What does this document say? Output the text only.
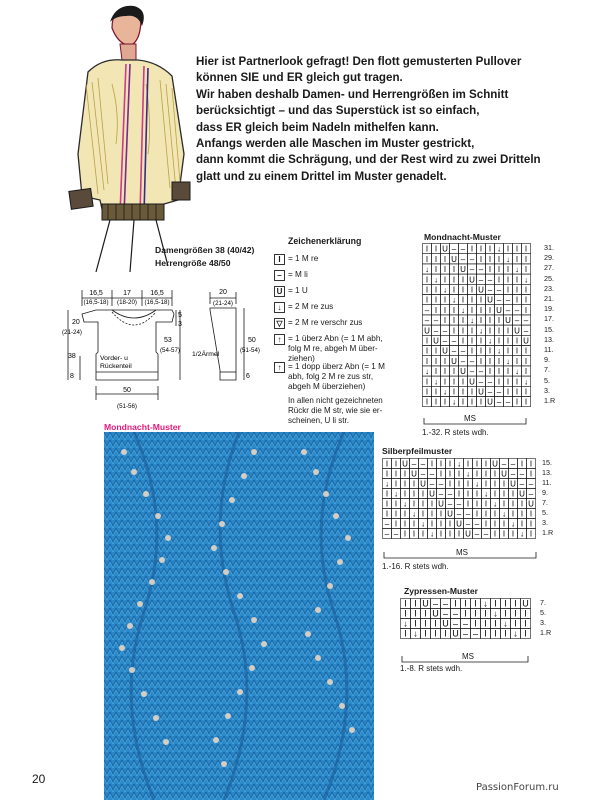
Hier ist Partnerlook gefragt! Den flott gemusterten Pullover
können SIE und ER gleich gut tragen.
Wir haben deshalb Damen- und Herrengrößen im Schnitt
berücksichtigt – und das Superstück ist so einfach,
dass ER gleich beim Nadeln mithelfen kann.
Anfangs werden alle Maschen im Muster gestrickt,
dann kommt die Schrägung, und der Rest wird zu zwei Dritteln
glatt und zu einem Drittel im Muster genadelt.
Damengrößen 38 (40/42)
Herrengröße 48/50
16,5	17	16,5
(16,5-18) (18-20) (16,5-18)
20
(21-24)
5
3
38
53
(54-57)
Vorder- u
Rückenteil
8
50
(51-56)
20
(21-24)
1/2Ärmel
50
(51-54)
6
Zeichenerklärung
I = 1 M re
– = M li
U = 1 U
↓ = 2 M re zus
▽ = 2 M re verschr zus
↑ = 1 überz Abn (= 1 M abh,
folg M re, abgeh M über-
ziehen)
↑ = 1 dopp überz Abn (= 1 M
abh, folg 2 M re zus str,
abgeh M überziehen)
In allen nicht gezeichneten
Rückr die M str, wie sie er-
scheinen, U li str.
Mondnacht-Muster
Mondnacht-Muster
I I U – – I I I ↓ I I I
I I I U – – I I I ↓ I I
↓ I I I U – – I I I ↓ I
I ↓ I I I U – – I I I ↓
I I ↓ I I I U – – I I I
I I I ↓ I I I U – – I I
– I I I ↓ I I I U – – I
– – I I I ↓ I I I U – –
U – – I I I ↓ I I I U –
I U – – I I I ↓ I I I U
I I U – – I I I ↓ I I I
I I I U – – I I I ↓ I I
↓ I I I U – – I I I ↓ I
I ↓ I I I U – – I I I ↓
I I ↓ I I I U – – I I I
I I I ↓ I I I U – – I I
31.
29.
27.
25.
23.
21.
19.
17.
15.
13.
11.
9.
7.
5.
3.
1.R
MS
1.-32. R stets wdh.
Silberpfeilmuster
I I U – – I I I ↓ I I I U – – I I
I I I U – – I I I ↓ I I I U – – I
↓ I I I U – – I I I ↓ I I I U – –
I ↓ I I I U – – I I I ↓ I I I U –
I I ↓ I I I U – – I I I ↓ I I I U
I I I ↓ I I I U – – I I I ↓ I I I
– I I I ↓ I I I U – – I I I ↓ I I
– – I I I ↓ I I I U – – I I I ↓ I
15.
13.
11.
9.
7.
5.
3.
1.R
MS
1.-16. R stets wdh.
Zypressen-Muster
I I U – – I I I ↓ I I I U
I I I U – – I I I ↓ I I I
↓ I I I U – – I I I ↓ I I
I ↓ I I I U – – I I I ↓ I
7.
5.
3.
1.R
MS
1.-8. R stets wdh.
20
PassionForum.ru
